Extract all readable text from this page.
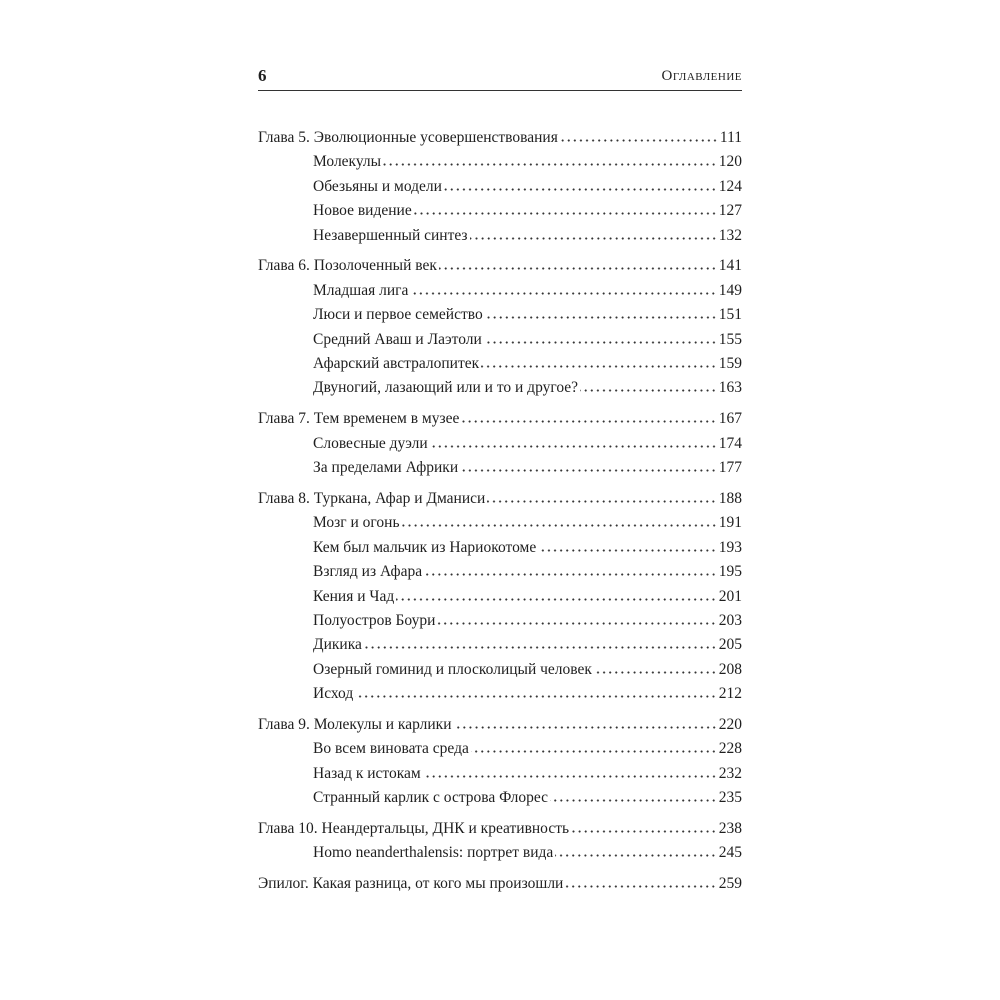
6	Оглавление
Глава 5. Эволюционные усовершенствования	111
Молекулы	120
Обезьяны и модели	124
Новое видение	127
Незавершенный синтез	132
Глава 6. Позолоченный век	141
Младшая лига	149
Люси и первое семейство	151
Средний Аваш и Лаэтоли	155
Афарский австралопитек	159
Двуногий, лазающий или и то и другое?	163
Глава 7. Тем временем в музее	167
Словесные дуэли	174
За пределами Африки	177
Глава 8. Туркана, Афар и Дманиси	188
Мозг и огонь	191
Кем был мальчик из Нариокотоме	193
Взгляд из Афара	195
Кения и Чад	201
Полуостров Боури	203
Дикика	205
Озерный гоминид и плосколицый человек	208
Исход	212
Глава 9. Молекулы и карлики	220
Во всем виновата среда	228
Назад к истокам	232
Странный карлик с острова Флорес	235
Глава 10. Неандертальцы, ДНК и креативность	238
Homo neanderthalensis: портрет вида	245
Эпилог. Какая разница, от кого мы произошли	259
